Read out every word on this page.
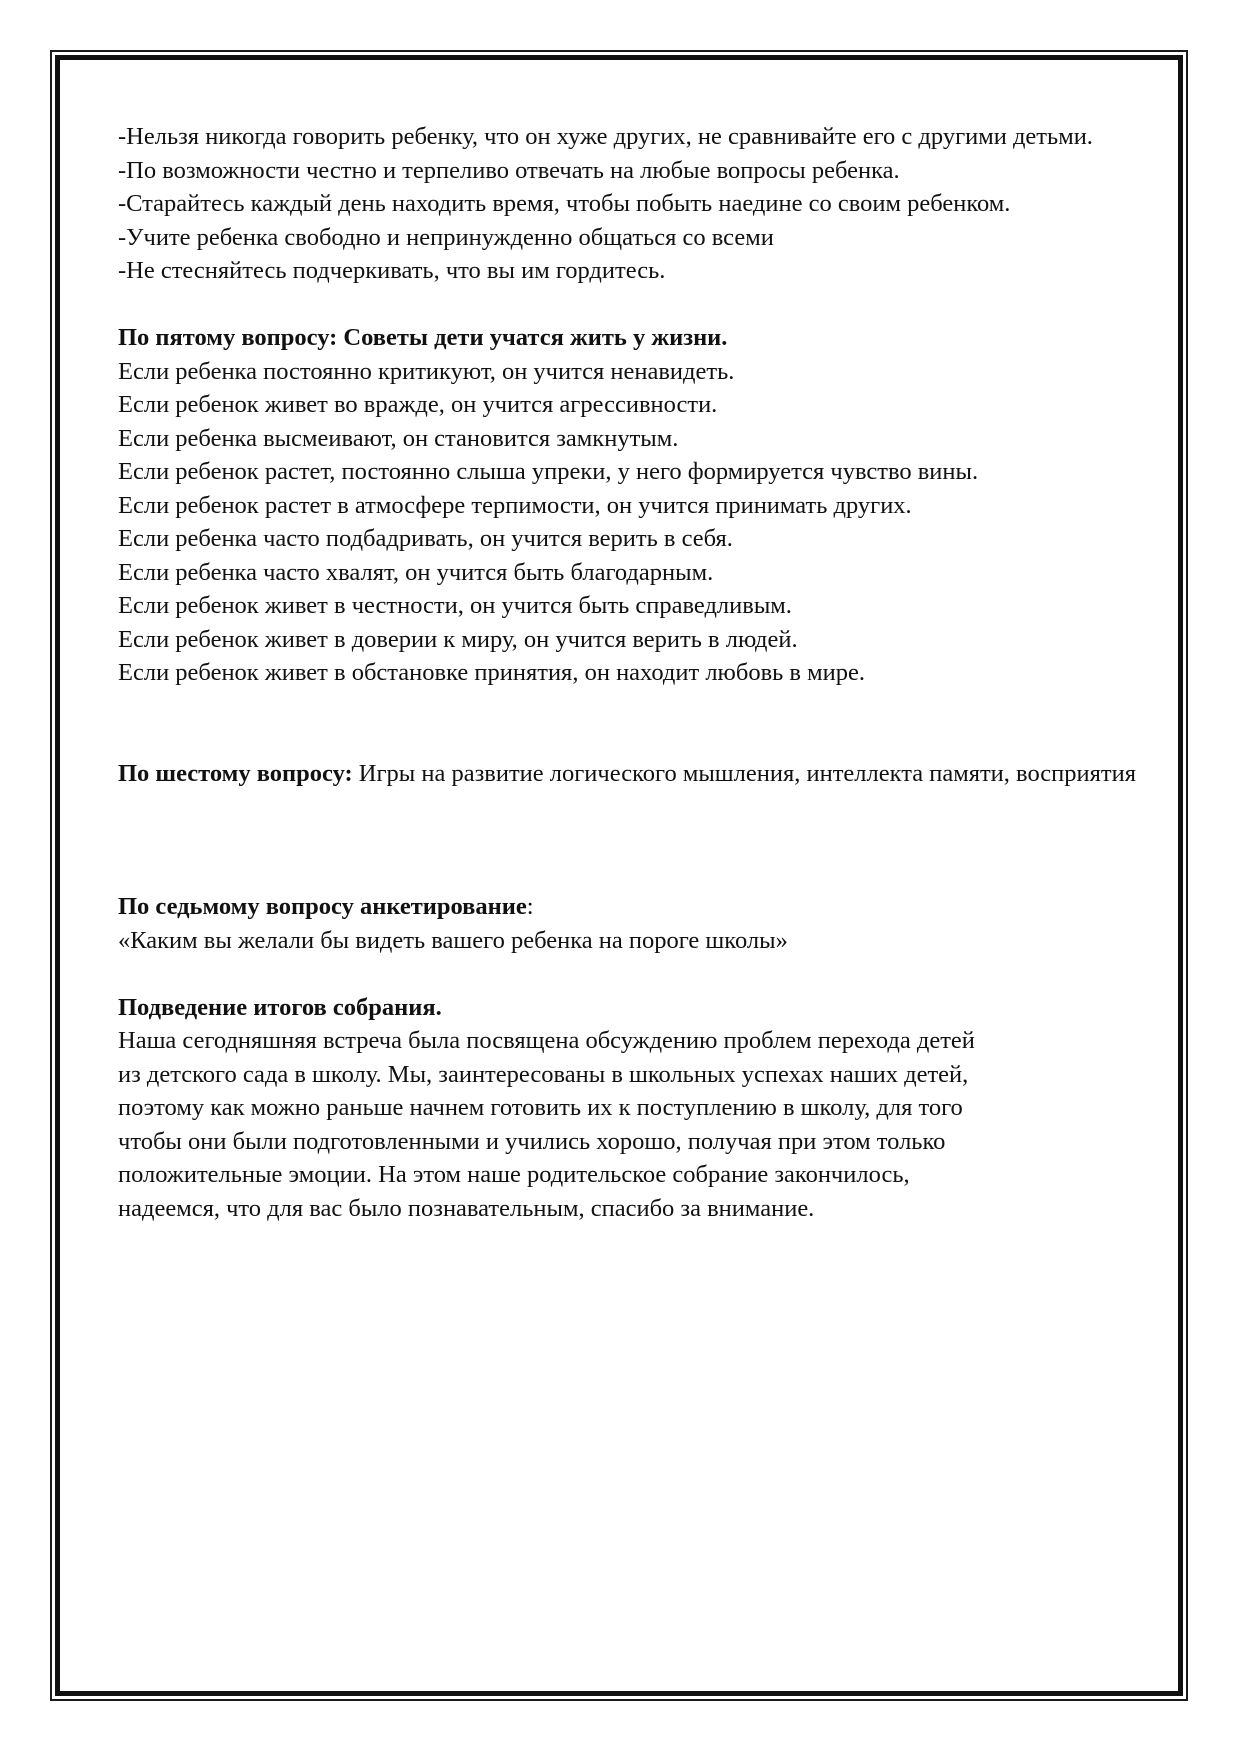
-Нельзя никогда говорить ребенку, что он хуже других, не сравнивайте его с другими детьми.

-По возможности честно и терпеливо отвечать на любые вопросы ребенка.

-Старайтесь каждый день находить время, чтобы побыть наедине со своим ребенком.

-Учите ребенка свободно и непринужденно общаться со всеми

-Не стесняйтесь подчеркивать, что вы им гордитесь.

По пятому вопросу: Советы дети учатся жить у жизни.

Если ребенка постоянно критикуют, он учится ненавидеть.

Если ребенок живет во вражде, он учится агрессивности.

Если ребенка высмеивают, он становится замкнутым.

Если ребенок растет, постоянно слыша упреки, у него формируется чувство вины.

Если ребенок растет в атмосфере терпимости, он учится принимать других.

Если ребенка часто подбадривать, он учится верить в себя.

Если ребенка часто хвалят, он учится быть благодарным.

Если ребенок живет в честности, он учится быть справедливым.

Если ребенок живет в доверии к миру, он учится верить в людей.

Если ребенок живет в обстановке принятия, он находит любовь в мире.

По шестому вопросу: Игры на развитие логического мышления, интеллекта памяти, восприятия

По седьмому вопросу анкетирование:

«Каким вы желали бы видеть вашего ребенка на пороге школы»

Подведение итогов собрания.

Наша сегодняшняя встреча была посвящена обсуждению проблем перехода детей

из детского сада в школу. Мы, заинтересованы в школьных успехах наших детей,

поэтому как можно раньше начнем готовить их к поступлению в школу, для того

чтобы они были подготовленными и учились хорошо, получая при этом только

положительные эмоции. На этом наше родительское собрание закончилось,

надеемся, что для вас было познавательным, спасибо за внимание.
